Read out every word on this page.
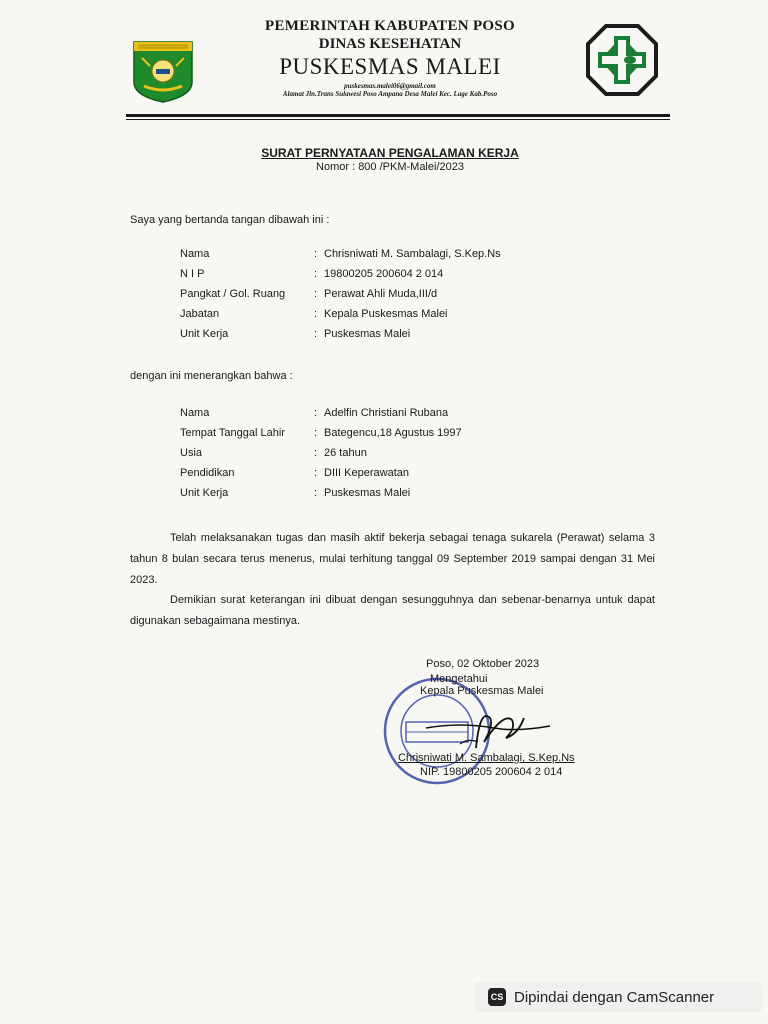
PEMERINTAH KABUPATEN POSO
DINAS KESEHATAN
PUSKESMAS MALEI
puskesmas.malei06@gmail.com
Alamat Jln.Trans Sulawesi Poso Ampana Desa Malei Kec. Lage Kab.Poso
SURAT PERNYATAAN PENGALAMAN KERJA
Nomor : 800 /PKM-Malei/2023
Saya yang bertanda tangan dibawah ini :
Nama	: Chrisniwati M. Sambalagi, S.Kep.Ns
N I P	: 19800205 200604 2 014
Pangkat / Gol. Ruang	: Perawat Ahli Muda,III/d
Jabatan	: Kepala Puskesmas Malei
Unit Kerja	: Puskesmas Malei
dengan ini menerangkan bahwa :
Nama	: Adelfin Christiani Rubana
Tempat Tanggal Lahir	: Bategencu,18 Agustus 1997
Usia	: 26 tahun
Pendidikan	: DIII Keperawatan
Unit Kerja	: Puskesmas Malei
Telah melaksanakan tugas dan masih aktif bekerja sebagai tenaga sukarela (Perawat) selama 3 tahun 8 bulan secara terus menerus, mulai terhitung tanggal 09 September 2019 sampai dengan 31 Mei 2023.
Demikian surat keterangan ini dibuat dengan sesungguhnya dan sebenar-benarnya untuk dapat digunakan sebagaimana mestinya.
Poso, 02 Oktober 2023
Mengetahui
Kepala Puskesmas Malei
Chrisniwati M. Sambalagi, S.Kep.Ns
NIP. 19800205 200604 2 014
CS Dipindai dengan CamScanner
